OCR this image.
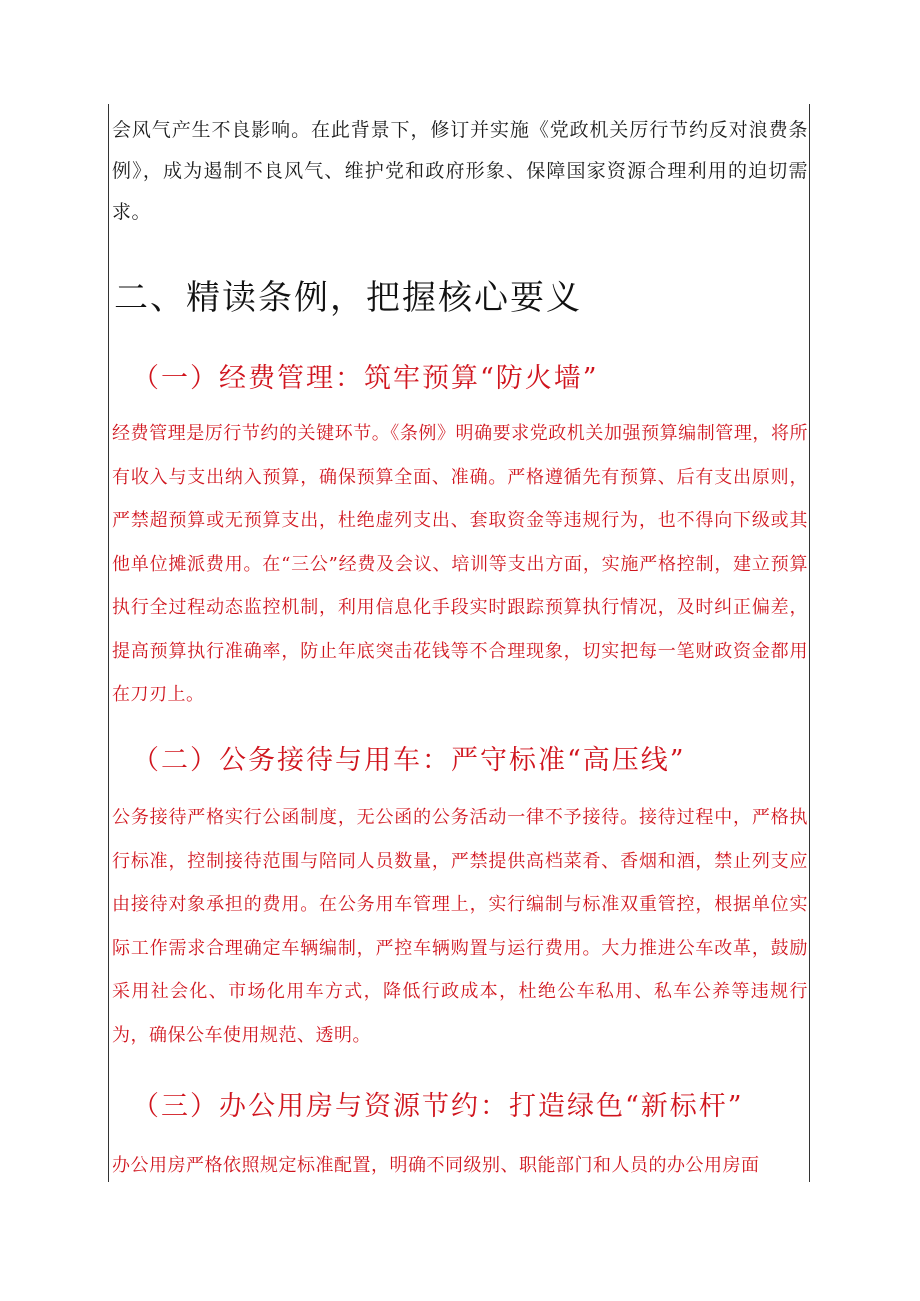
会风气产生不良影响。在此背景下，修订并实施《党政机关厉行节约反对浪费条例》，成为遏制不良风气、维护党和政府形象、保障国家资源合理利用的迫切需求。

二、精读条例，把握核心要义
（一）经费管理：筑牢预算“防火墙”

经费管理是厉行节约的关键环节。《条例》明确要求党政机关加强预算编制管理，将所有收入与支出纳入预算，确保预算全面、准确。严格遵循先有预算、后有支出原则，严禁超预算或无预算支出，杜绝虚列支出、套取资金等违规行为，也不得向下级或其他单位摊派费用。在“三公”经费及会议、培训等支出方面，实施严格控制，建立预算执行全过程动态监控机制，利用信息化手段实时跟踪预算执行情况，及时纠正偏差，提高预算执行准确率，防止年底突击花钱等不合理现象，切实把每一笔财政资金都用在刀刃上。

（二）公务接待与用车：严守标准“高压线”

公务接待严格实行公函制度，无公函的公务活动一律不予接待。接待过程中，严格执行标准，控制接待范围与陪同人员数量，严禁提供高档菜肴、香烟和酒，禁止列支应由接待对象承担的费用。在公务用车管理上，实行编制与标准双重管控，根据单位实际工作需求合理确定车辆编制，严控车辆购置与运行费用。大力推进公车改革，鼓励采用社会化、市场化用车方式，降低行政成本，杜绝公车私用、私车公养等违规行为，确保公车使用规范、透明。

（三）办公用房与资源节约：打造绿色“新标杆”

办公用房严格依照规定标准配置，明确不同级别、职能部门和人员的办公用房面
